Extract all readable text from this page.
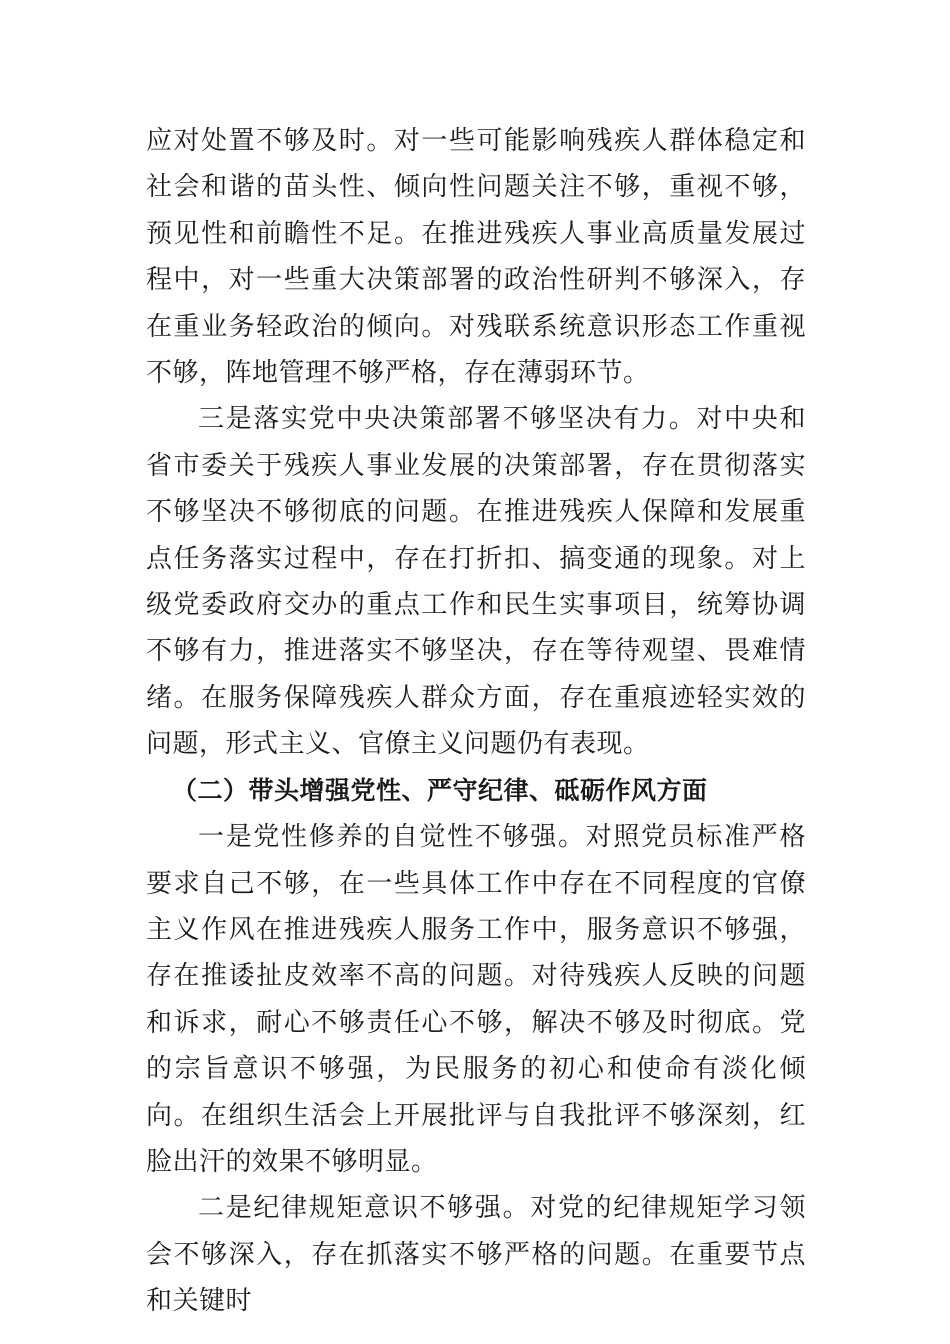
应对处置不够及时。对一些可能影响残疾人群体稳定和社会和谐的苗头性、倾向性问题关注不够，重视不够，预见性和前瞻性不足。在推进残疾人事业高质量发展过程中，对一些重大决策部署的政治性研判不够深入，存在重业务轻政治的倾向。对残联系统意识形态工作重视不够，阵地管理不够严格，存在薄弱环节。

三是落实党中央决策部署不够坚决有力。对中央和省市委关于残疾人事业发展的决策部署，存在贯彻落实不够坚决不够彻底的问题。在推进残疾人保障和发展重点任务落实过程中，存在打折扣、搞变通的现象。对上级党委政府交办的重点工作和民生实事项目，统筹协调不够有力，推进落实不够坚决，存在等待观望、畏难情绪。在服务保障残疾人群众方面，存在重痕迹轻实效的问题，形式主义、官僚主义问题仍有表现。

（二）带头增强党性、严守纪律、砥砺作风方面

一是党性修养的自觉性不够强。对照党员标准严格要求自己不够，在一些具体工作中存在不同程度的官僚主义作风在推进残疾人服务工作中，服务意识不够强，存在推诿扯皮效率不高的问题。对待残疾人反映的问题和诉求，耐心不够责任心不够，解决不够及时彻底。党的宗旨意识不够强，为民服务的初心和使命有淡化倾向。在组织生活会上开展批评与自我批评不够深刻，红脸出汗的效果不够明显。

二是纪律规矩意识不够强。对党的纪律规矩学习领会不够深入，存在抓落实不够严格的问题。在重要节点和关键时
